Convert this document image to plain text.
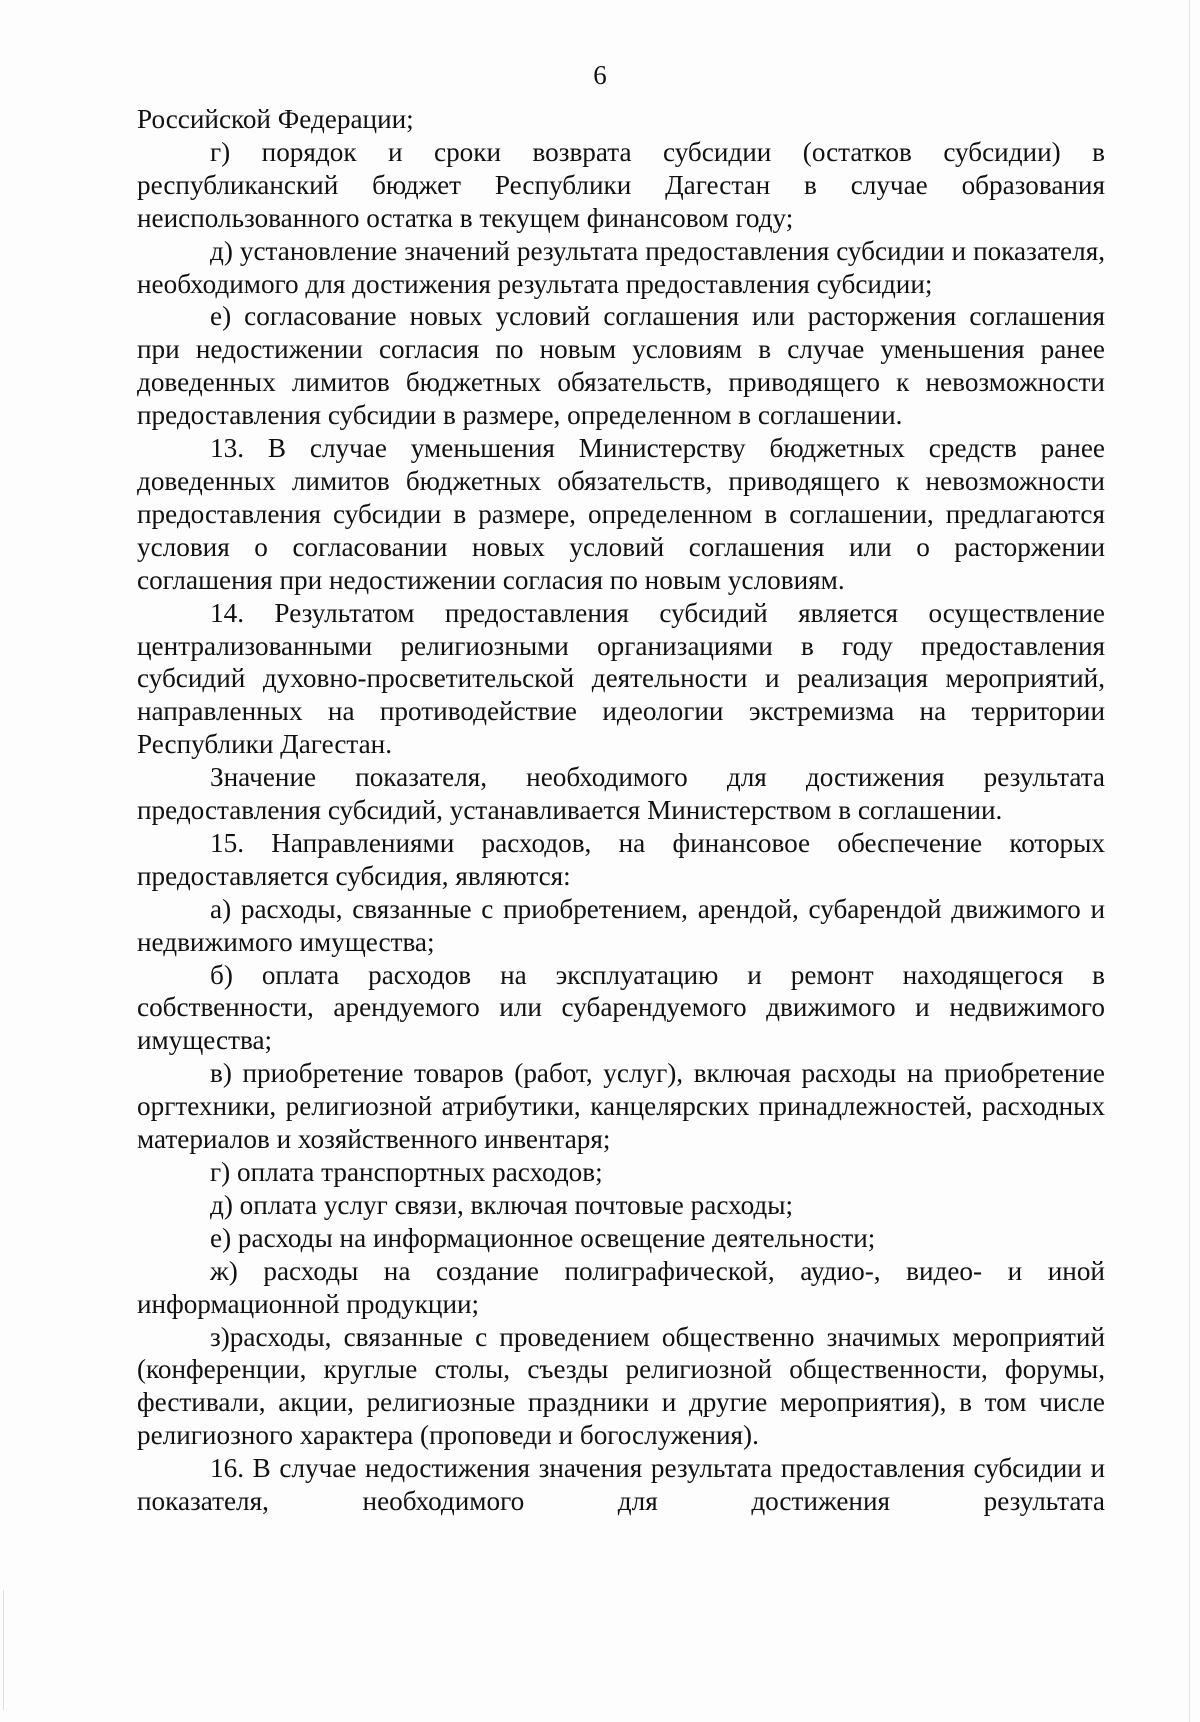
6

Российской Федерации;

г) порядок и сроки возврата субсидии (остатков субсидии) в республиканский бюджет Республики Дагестан в случае образования неиспользованного остатка в текущем финансовом году;

д) установление значений результата предоставления субсидии и показателя, необходимого для достижения результата предоставления субсидии;

е) согласование новых условий соглашения или расторжения соглашения при недостижении согласия по новым условиям в случае уменьшения ранее доведенных лимитов бюджетных обязательств, приводящего к невозможности предоставления субсидии в размере, определенном в соглашении.

13. В случае уменьшения Министерству бюджетных средств ранее доведенных лимитов бюджетных обязательств, приводящего к невозможности предоставления субсидии в размере, определенном в соглашении, предлагаются условия о согласовании новых условий соглашения или о расторжении соглашения при недостижении согласия по новым условиям.

14. Результатом предоставления субсидий является осуществление централизованными религиозными организациями в году предоставления субсидий духовно-просветительской деятельности и реализация мероприятий, направленных на противодействие идеологии экстремизма на территории Республики Дагестан.

Значение показателя, необходимого для достижения результата предоставления субсидий, устанавливается Министерством в соглашении.

15. Направлениями расходов, на финансовое обеспечение которых предоставляется субсидия, являются:

а) расходы, связанные с приобретением, арендой, субарендой движимого и недвижимого имущества;

б) оплата расходов на эксплуатацию и ремонт находящегося в собственности, арендуемого или субарендуемого движимого и недвижимого имущества;

в) приобретение товаров (работ, услуг), включая расходы на приобретение оргтехники, религиозной атрибутики, канцелярских принадлежностей, расходных материалов и хозяйственного инвентаря;

г) оплата транспортных расходов;

д) оплата услуг связи, включая почтовые расходы;

е) расходы на информационное освещение деятельности;

ж) расходы на создание полиграфической, аудио-, видео- и иной информационной продукции;

з)расходы, связанные с проведением общественно значимых мероприятий (конференции, круглые столы, съезды религиозной общественности, форумы, фестивали, акции, религиозные праздники и другие мероприятия), в том числе религиозного характера (проповеди и богослужения).

16. В случае недостижения значения результата предоставления субсидии и показателя, необходимого для достижения результата
